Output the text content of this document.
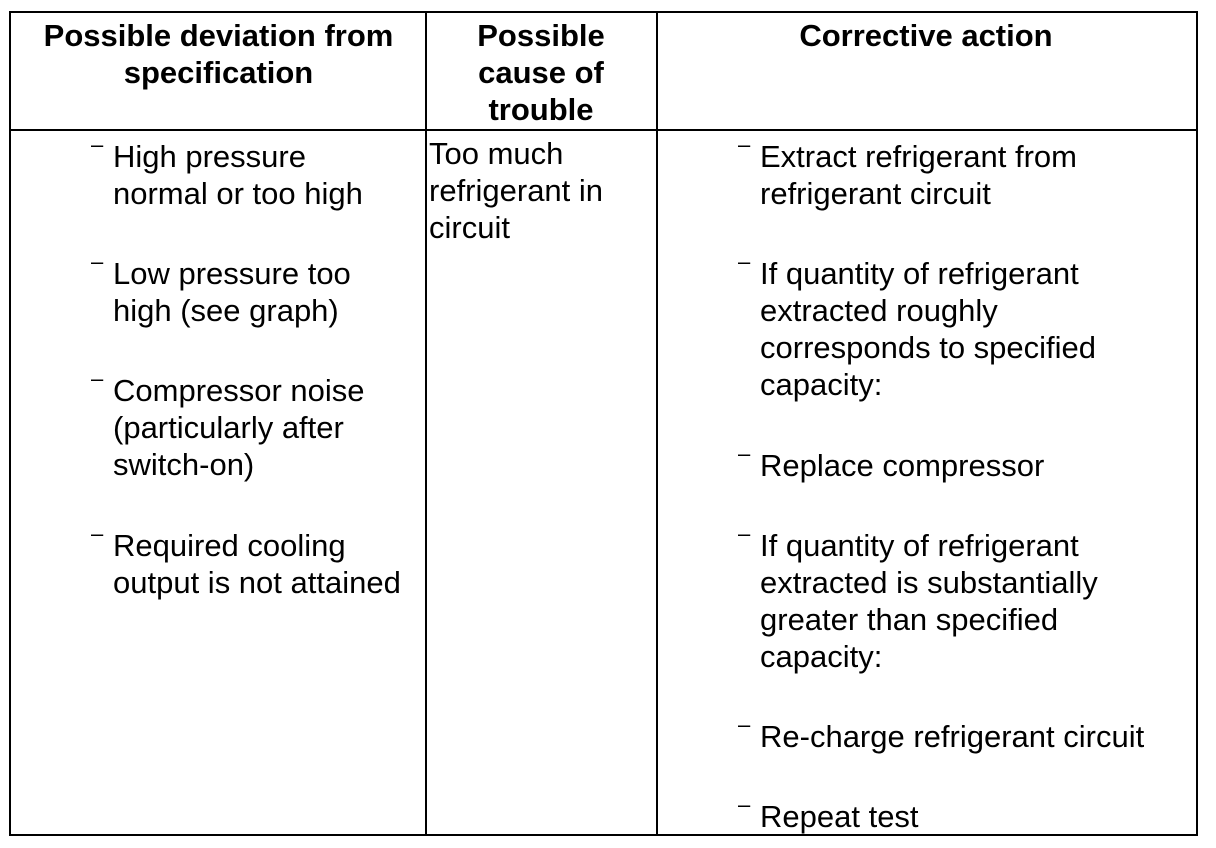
Possible deviation from specification
Possible cause of trouble
Corrective action
– High pressure normal or too high
– Low pressure too high (see graph)
– Compressor noise (particularly after switch-on)
– Required cooling output is not attained
Too much refrigerant in circuit
– Extract refrigerant from refrigerant circuit
– If quantity of refrigerant extracted roughly corresponds to specified capacity:
– Replace compressor
– If quantity of refrigerant extracted is substantially greater than specified capacity:
– Re-charge refrigerant circuit
– Repeat test
